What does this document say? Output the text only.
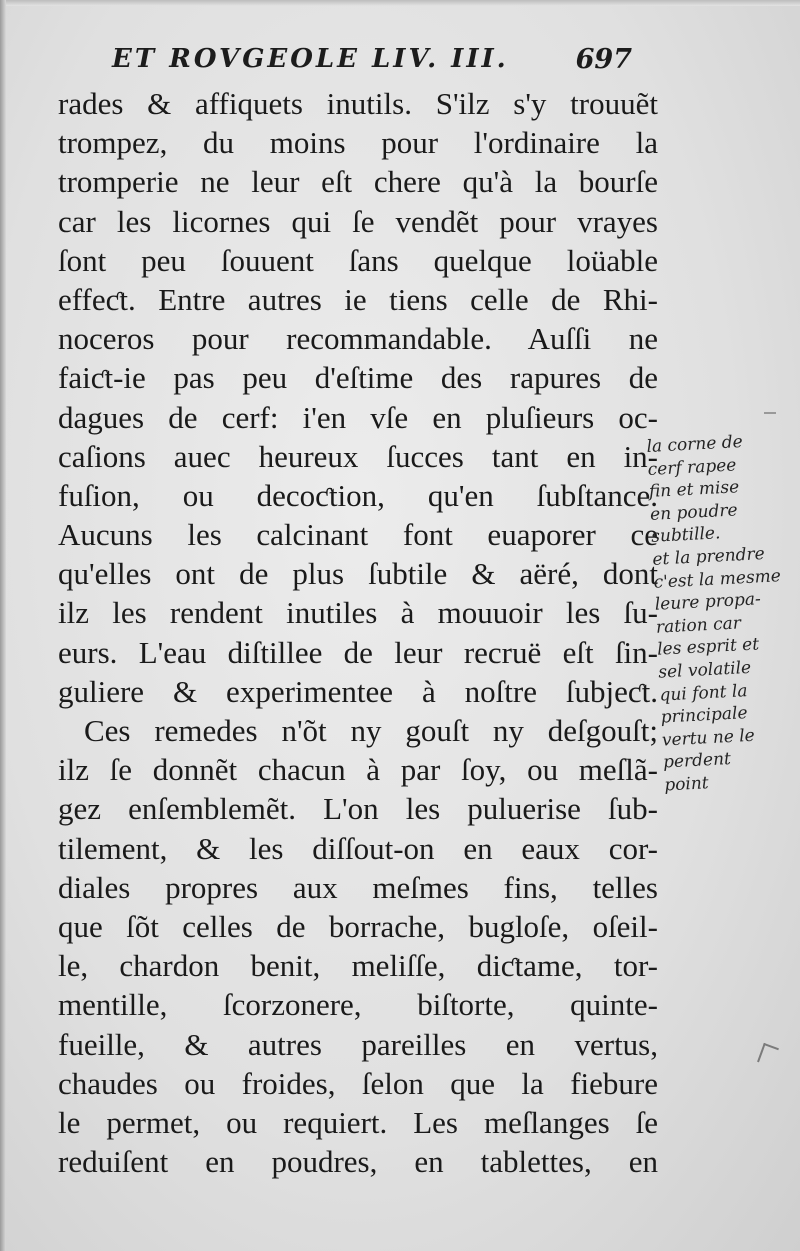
ET ROVGEOLE LIV. III. 697
rades & affiquets inutils. S'ilz s'y trouuẽt
trompez, du moins pour l'ordinaire la
tromperie ne leur eſt chere qu'à la bourſe
car les licornes qui ſe vendẽt pour vrayes
ſont peu ſouuent ſans quelque loüable
effeƈt. Entre autres ie tiens celle de Rhi-
noceros pour recommandable. Auſſi ne
faiƈt-ie pas peu d'eſtime des rapures de
dagues de cerf: i'en vſe en pluſieurs oc-
caſions auec heureux ſucces tant en in-
fuſion, ou decoƈtion, qu'en ſubſtance.
Aucuns les calcinant font euaporer ce
qu'elles ont de plus ſubtile & aëré, dont
ilz les rendent inutiles à mouuoir les ſu-
eurs. L'eau diſtillee de leur recruë eſt ſin-
guliere & experimentee à noſtre ſubjeƈt.
Ces remedes n'õt ny gouſt ny deſgouſt;
ilz ſe donnẽt chacun à par ſoy, ou meſlã-
gez enſemblemẽt. L'on les puluerise ſub-
tilement, & les diſſout-on en eaux cor-
diales propres aux meſmes fins, telles
que ſõt celles de borrache, bugloſe, oſeil-
le, chardon benit, meliſſe, diƈtame, tor-
mentille, ſcorzonere, biſtorte, quinte-
fueille, & autres pareilles en vertus,
chaudes ou froides, ſelon que la fiebure
le permet, ou requiert. Les meſlanges ſe
reduiſent en poudres, en tablettes, en
la corne de
cerf rapee
fin et mise
en poudre
subtille.
et la prendre
c'est la mesme
leure propa-
ration car
les esprit et
sel volatile
qui font la
principale
vertu ne le
perdent
point
